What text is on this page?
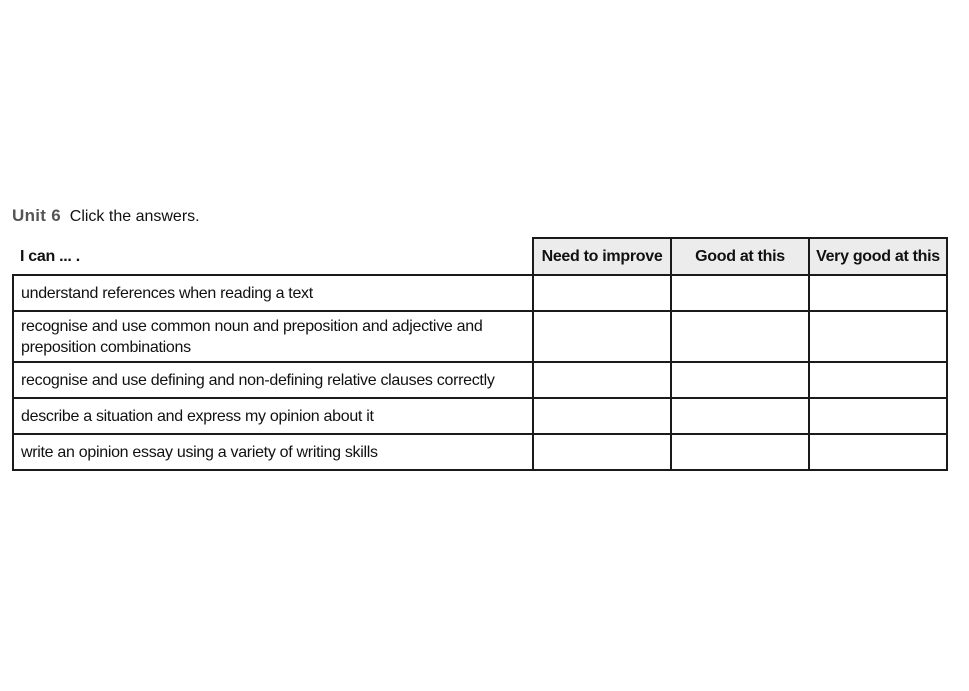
Unit 6 Click the answers.
I can ... .	Need to improve	Good at this	Very good at this
understand references when reading a text			
recognise and use common noun and preposition and adjective and preposition combinations			
recognise and use defining and non-defining relative clauses correctly			
describe a situation and express my opinion about it			
write an opinion essay using a variety of writing skills			
